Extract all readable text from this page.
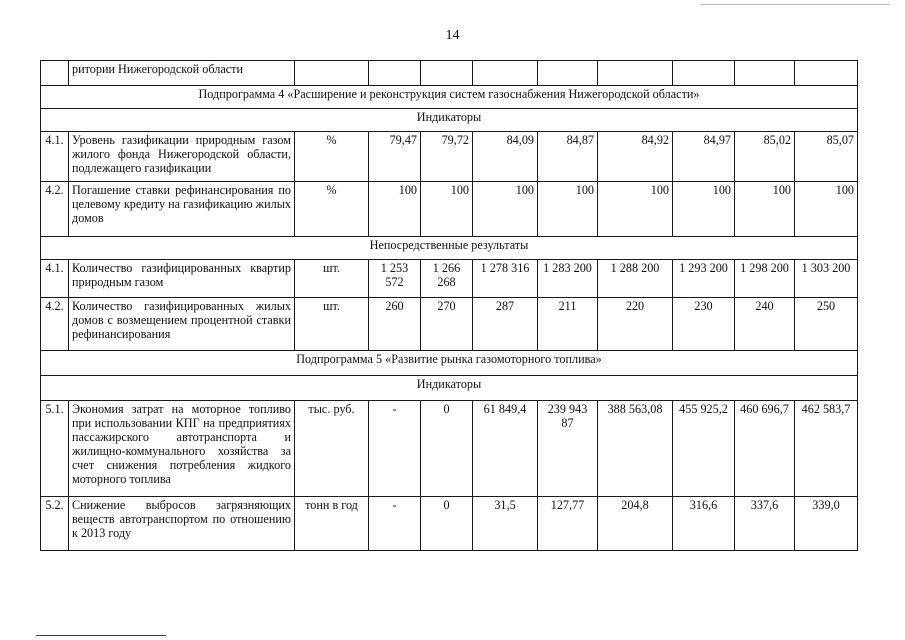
14
	ритории Нижегородской области									
Подпрограмма 4 «Расширение и реконструкция систем газоснабжения Нижегородской области»										
Индикаторы										
4.1.	Уровень газификации природным газом жилого фонда Нижегородской области, подлежащего газификации	%	79,47	79,72	84,09	84,87	84,92	84,97	85,02	85,07
4.2.	Погашение ставки рефинансирования по целевому кредиту на газификацию жилых домов	%	100	100	100	100	100	100	100	100
Непосредственные результаты										
4.1.	Количество газифицированных квартир природным газом	шт.	1 253 572	1 266 268	1 278 316	1 283 200	1 288 200	1 293 200	1 298 200	1 303 200
4.2.	Количество газифицированных жилых домов с возмещением процентной ставки рефинансирования	шт.	260	270	287	211	220	230	240	250
Подпрограмма 5 «Развитие рынка газомоторного топлива»										
Индикаторы										
5.1.	Экономия затрат на моторное топливо при использовании КПГ на предприятиях пассажирского автотранспорта и жилищно-коммунального хозяйства за счет снижения потребления жидкого моторного топлива	тыс. руб.	-	0	61 849,4	239 943 87	388 563,08	455 925,2	460 696,7	462 583,7
5.2.	Снижение выбросов загрязняющих веществ автотранспортом по отношению к 2013 году	тонн в год	-	0	31,5	127,77	204,8	316,6	337,6	339,0
